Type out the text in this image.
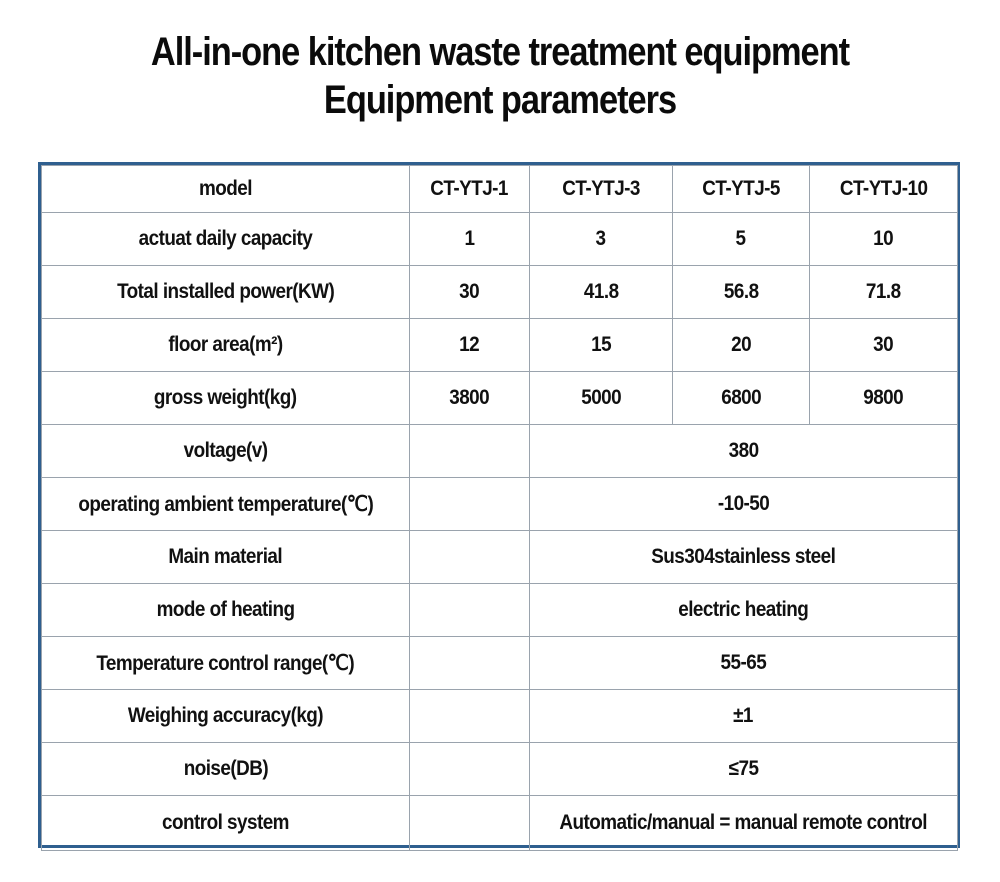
All-in-one kitchen waste treatment equipment
Equipment parameters
model	CT-YTJ-1	CT-YTJ-3	CT-YTJ-5	CT-YTJ-10
actuat daily capacity	1	3	5	10
Total installed power(KW)	30	41.8	56.8	71.8
floor area(m²)	12	15	20	30
gross weight(kg)	3800	5000	6800	9800
voltage(v)		380		
operating ambient temperature(℃)		-10-50		
Main material		Sus304stainless steel		
mode of heating		electric heating		
Temperature control range(℃)		55-65		
Weighing accuracy(kg)		±1		
noise(DB)		≤75		
control system		Automatic/manual = manual remote control		
